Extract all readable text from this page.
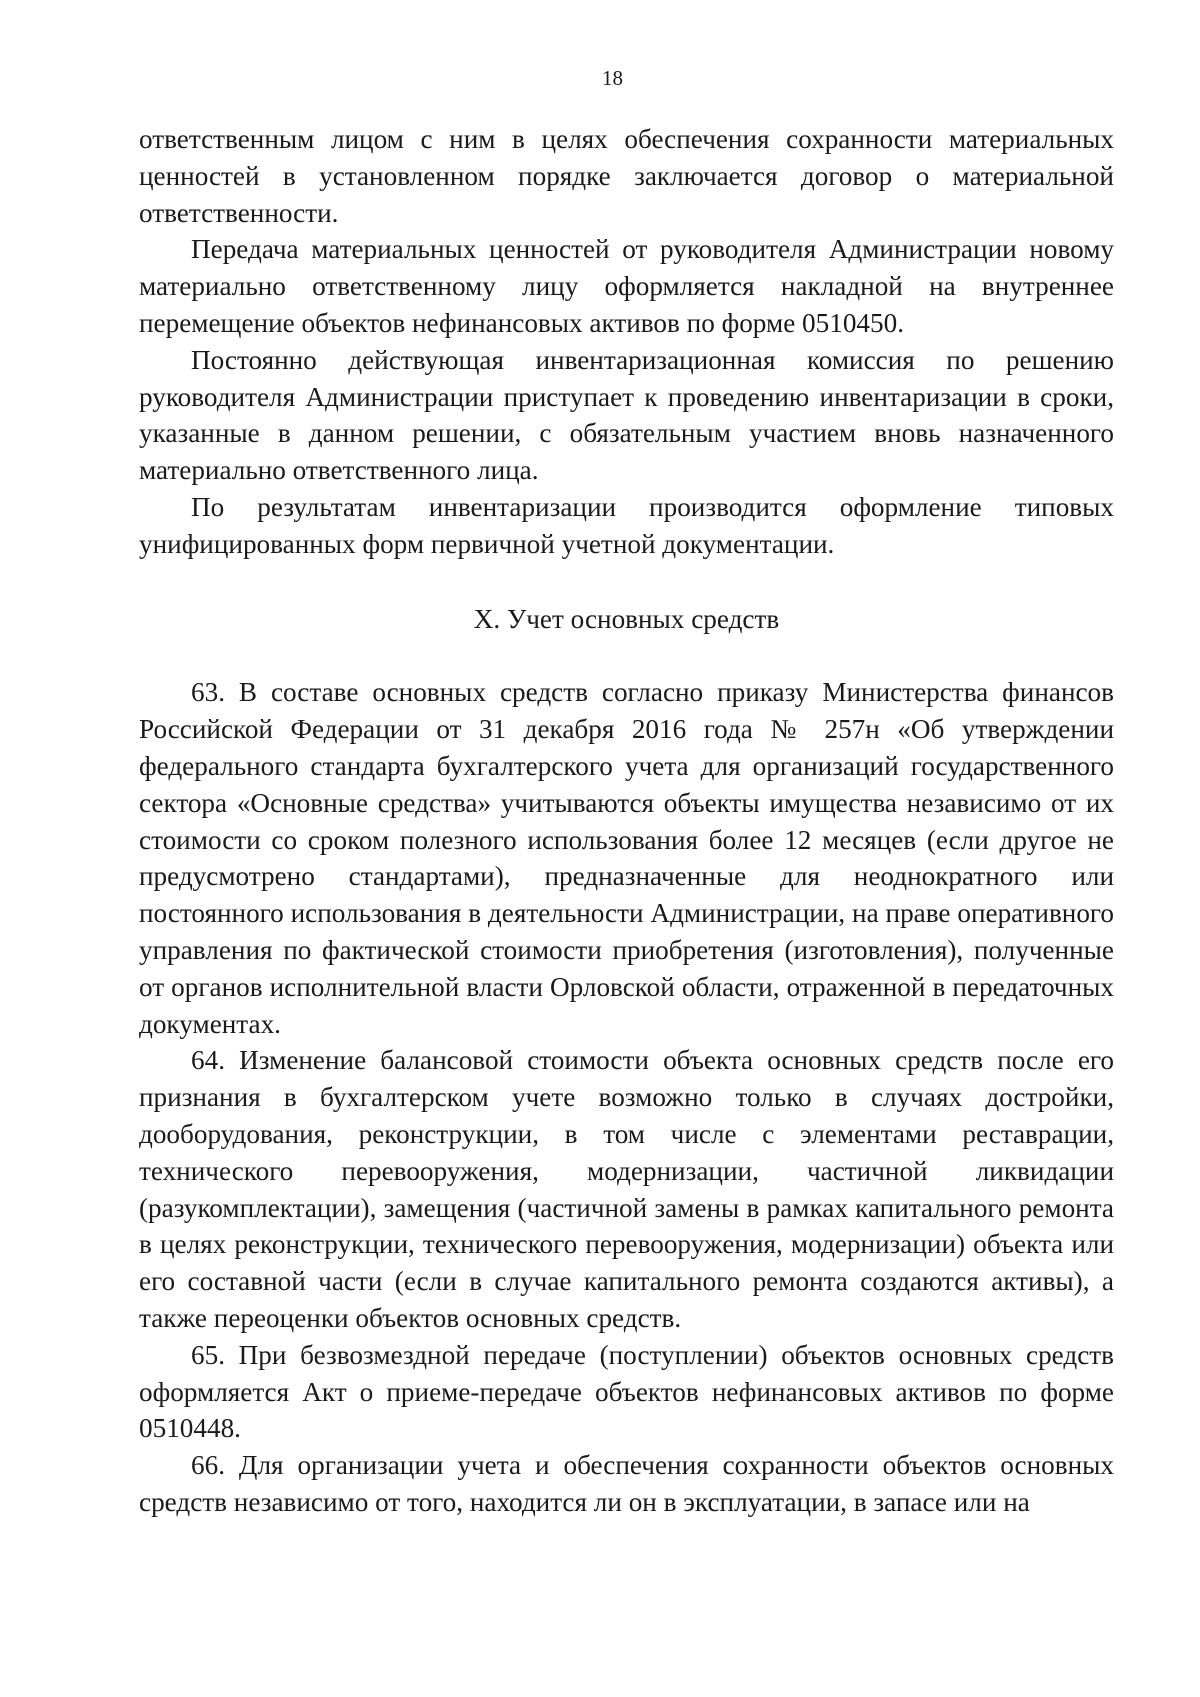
18

ответственным лицом с ним в целях обеспечения сохранности материальных ценностей в установленном порядке заключается договор о материальной ответственности.

Передача материальных ценностей от руководителя Администрации новому материально ответственному лицу оформляется накладной на внутреннее перемещение объектов нефинансовых активов по форме 0510450.

Постоянно действующая инвентаризационная комиссия по решению руководителя Администрации приступает к проведению инвентаризации в сроки, указанные в данном решении, с обязательным участием вновь назначенного материально ответственного лица.

По результатам инвентаризации производится оформление типовых унифицированных форм первичной учетной документации.

X. Учет основных средств

63. В составе основных средств согласно приказу Министерства финансов Российской Федерации от 31 декабря 2016 года № 257н «Об утверждении федерального стандарта бухгалтерского учета для организаций государственного сектора «Основные средства» учитываются объекты имущества независимо от их стоимости со сроком полезного использования более 12 месяцев (если другое не предусмотрено стандартами), предназначенные для неоднократного или постоянного использования в деятельности Администрации, на праве оперативного управления по фактической стоимости приобретения (изготовления), полученные от органов исполнительной власти Орловской области, отраженной в передаточных документах.

64. Изменение балансовой стоимости объекта основных средств после его признания в бухгалтерском учете возможно только в случаях достройки, дооборудования, реконструкции, в том числе с элементами реставрации, технического перевооружения, модернизации, частичной ликвидации (разукомплектации), замещения (частичной замены в рамках капитального ремонта в целях реконструкции, технического перевооружения, модернизации) объекта или его составной части (если в случае капитального ремонта создаются активы), а также переоценки объектов основных средств.

65. При безвозмездной передаче (поступлении) объектов основных средств оформляется Акт о приеме-передаче объектов нефинансовых активов по форме 0510448.

66. Для организации учета и обеспечения сохранности объектов основных средств независимо от того, находится ли он в эксплуатации, в запасе или на
